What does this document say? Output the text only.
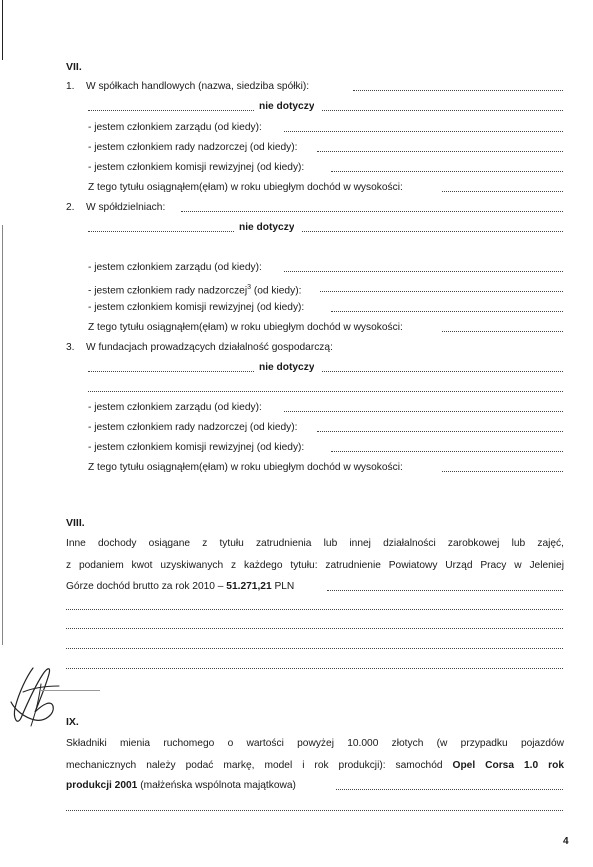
VII.
1. W spółkach handlowych (nazwa, siedziba spółki):
nie dotyczy
- jestem członkiem zarządu (od kiedy):
- jestem członkiem rady nadzorczej (od kiedy):
- jestem członkiem komisji rewizyjnej (od kiedy):
Z tego tytułu osiągnąłem(ęłam) w roku ubiegłym dochód w wysokości:
2. W spółdzielniach:
nie dotyczy
- jestem członkiem zarządu (od kiedy):
- jestem członkiem rady nadzorczej$^3$ (od kiedy):
- jestem członkiem komisji rewizyjnej (od kiedy):
Z tego tytułu osiągnąłem(ęłam) w roku ubiegłym dochód w wysokości:
3. W fundacjach prowadzących działalność gospodarczą:
nie dotyczy
- jestem członkiem zarządu (od kiedy):
- jestem członkiem rady nadzorczej (od kiedy):
- jestem członkiem komisji rewizyjnej (od kiedy):
Z tego tytułu osiągnąłem(ęłam) w roku ubiegłym dochód w wysokości:
VIII.
Inne dochody osiągane z tytułu zatrudnienia lub innej działalności zarobkowej lub zajęć,
z podaniem kwot uzyskiwanych z każdego tytułu: zatrudnienie Powiatowy Urząd Pracy w Jeleniej
Górze dochód brutto za rok 2010 – 51.271,21 PLN
IX.
Składniki mienia ruchomego o wartości powyżej 10.000 złotych (w przypadku pojazdów
mechanicznych należy podać markę, model i rok produkcji): samochód Opel Corsa 1.0 rok
produkcji 2001 (małżeńska wspólnota majątkowa)
4
